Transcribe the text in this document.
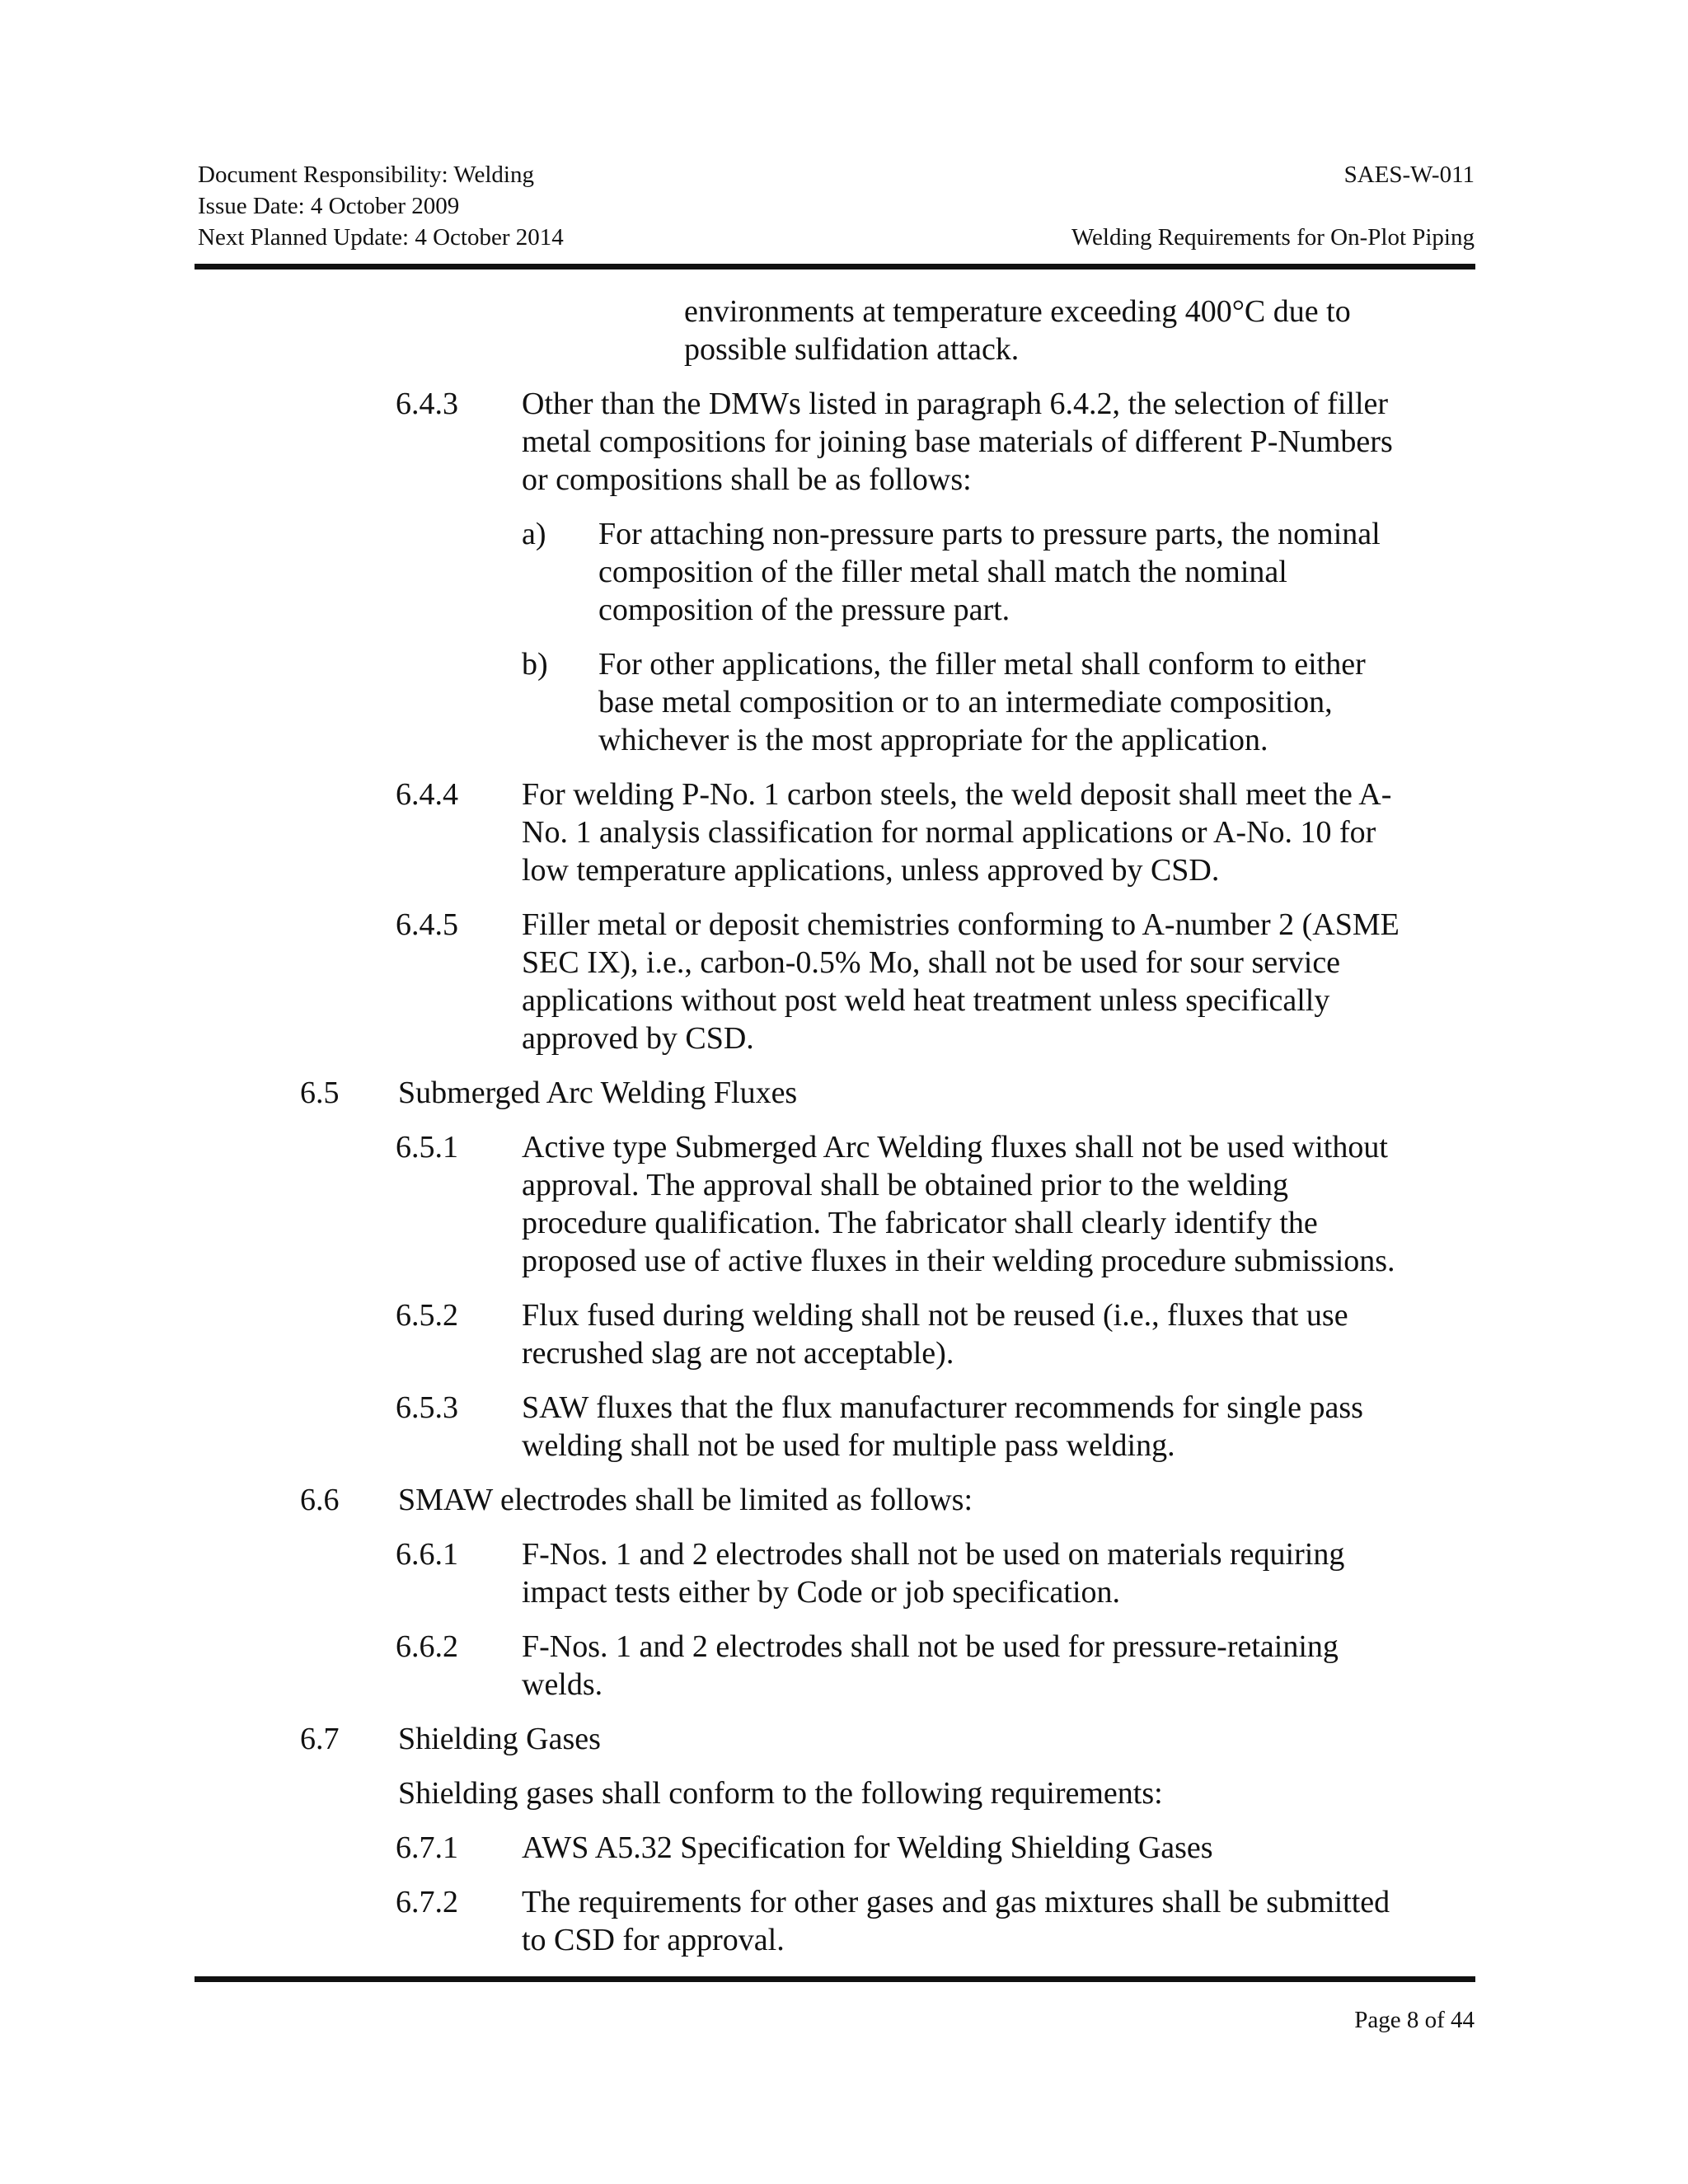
Document Responsibility: Welding
Issue Date: 4 October 2009
Next Planned Update: 4 October 2014
SAES-W-011
Welding Requirements for On-Plot Piping
environments at temperature exceeding 400°C due to
possible sulfidation attack.
6.4.3 Other than the DMWs listed in paragraph 6.4.2, the selection of filler
metal compositions for joining base materials of different P-Numbers
or compositions shall be as follows:
a) For attaching non-pressure parts to pressure parts, the nominal
composition of the filler metal shall match the nominal
composition of the pressure part.
b) For other applications, the filler metal shall conform to either
base metal composition or to an intermediate composition,
whichever is the most appropriate for the application.
6.4.4 For welding P-No. 1 carbon steels, the weld deposit shall meet the A-
No. 1 analysis classification for normal applications or A-No. 10 for
low temperature applications, unless approved by CSD.
6.4.5 Filler metal or deposit chemistries conforming to A-number 2 (ASME
SEC IX), i.e., carbon-0.5% Mo, shall not be used for sour service
applications without post weld heat treatment unless specifically
approved by CSD.
6.5 Submerged Arc Welding Fluxes
6.5.1 Active type Submerged Arc Welding fluxes shall not be used without
approval. The approval shall be obtained prior to the welding
procedure qualification. The fabricator shall clearly identify the
proposed use of active fluxes in their welding procedure submissions.
6.5.2 Flux fused during welding shall not be reused (i.e., fluxes that use
recrushed slag are not acceptable).
6.5.3 SAW fluxes that the flux manufacturer recommends for single pass
welding shall not be used for multiple pass welding.
6.6 SMAW electrodes shall be limited as follows:
6.6.1 F-Nos. 1 and 2 electrodes shall not be used on materials requiring
impact tests either by Code or job specification.
6.6.2 F-Nos. 1 and 2 electrodes shall not be used for pressure-retaining
welds.
6.7 Shielding Gases
Shielding gases shall conform to the following requirements:
6.7.1 AWS A5.32 Specification for Welding Shielding Gases
6.7.2 The requirements for other gases and gas mixtures shall be submitted
to CSD for approval.
Page 8 of 44
